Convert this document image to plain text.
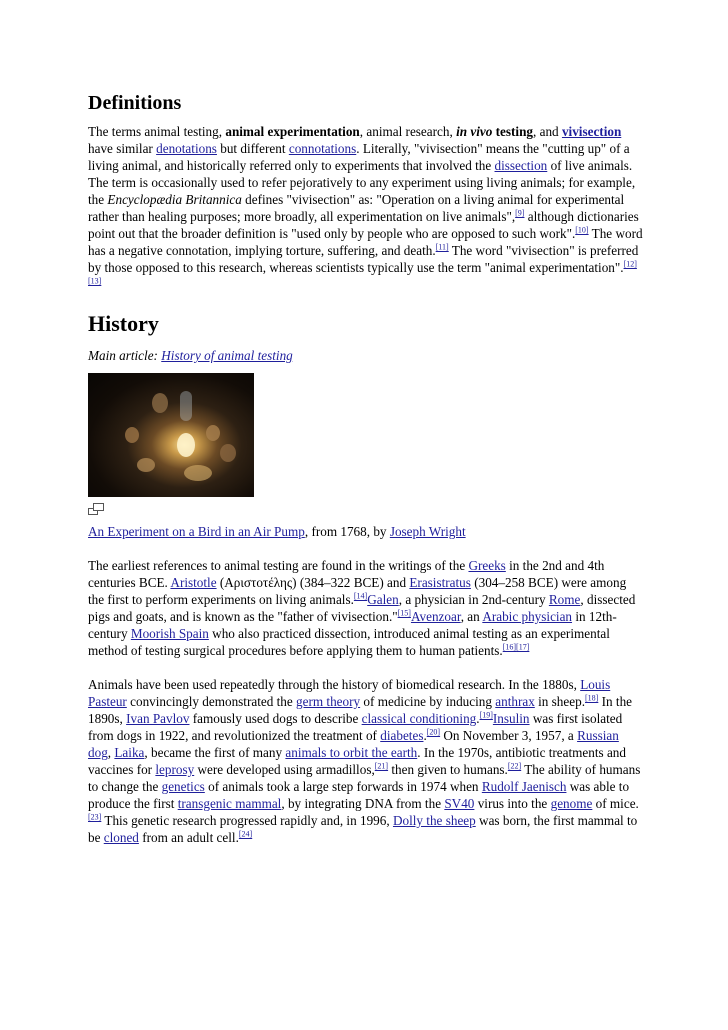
Definitions

The terms animal testing, animal experimentation, animal research, in vivo testing, and vivisection have similar denotations but different connotations. Literally, "vivisection" means the "cutting up" of a living animal, and historically referred only to experiments that involved the dissection of live animals. The term is occasionally used to refer pejoratively to any experiment using living animals; for example, the Encyclopædia Britannica defines "vivisection" as: "Operation on a living animal for experimental rather than healing purposes; more broadly, all experimentation on live animals",[9] although dictionaries point out that the broader definition is "used only by people who are opposed to such work".[10] The word has a negative connotation, implying torture, suffering, and death.[11] The word "vivisection" is preferred by those opposed to this research, whereas scientists typically use the term "animal experimentation".[12][13]

History

Main article: History of animal testing

An Experiment on a Bird in an Air Pump, from 1768, by Joseph Wright

The earliest references to animal testing are found in the writings of the Greeks in the 2nd and 4th centuries BCE. Aristotle (Αριστοτέλης) (384–322 BCE) and Erasistratus (304–258 BCE) were among the first to perform experiments on living animals.[14]Galen, a physician in 2nd-century Rome, dissected pigs and goats, and is known as the "father of vivisection."[15]Avenzoar, an Arabic physician in 12th-century Moorish Spain who also practiced dissection, introduced animal testing as an experimental method of testing surgical procedures before applying them to human patients.[16][17]

Animals have been used repeatedly through the history of biomedical research. In the 1880s, Louis Pasteur convincingly demonstrated the germ theory of medicine by inducing anthrax in sheep.[18] In the 1890s, Ivan Pavlov famously used dogs to describe classical conditioning.[19]Insulin was first isolated from dogs in 1922, and revolutionized the treatment of diabetes.[20] On November 3, 1957, a Russian dog, Laika, became the first of many animals to orbit the earth. In the 1970s, antibiotic treatments and vaccines for leprosy were developed using armadillos,[21] then given to humans.[22] The ability of humans to change the genetics of animals took a large step forwards in 1974 when Rudolf Jaenisch was able to produce the first transgenic mammal, by integrating DNA from the SV40 virus into the genome of mice.[23] This genetic research progressed rapidly and, in 1996, Dolly the sheep was born, the first mammal to be cloned from an adult cell.[24]
